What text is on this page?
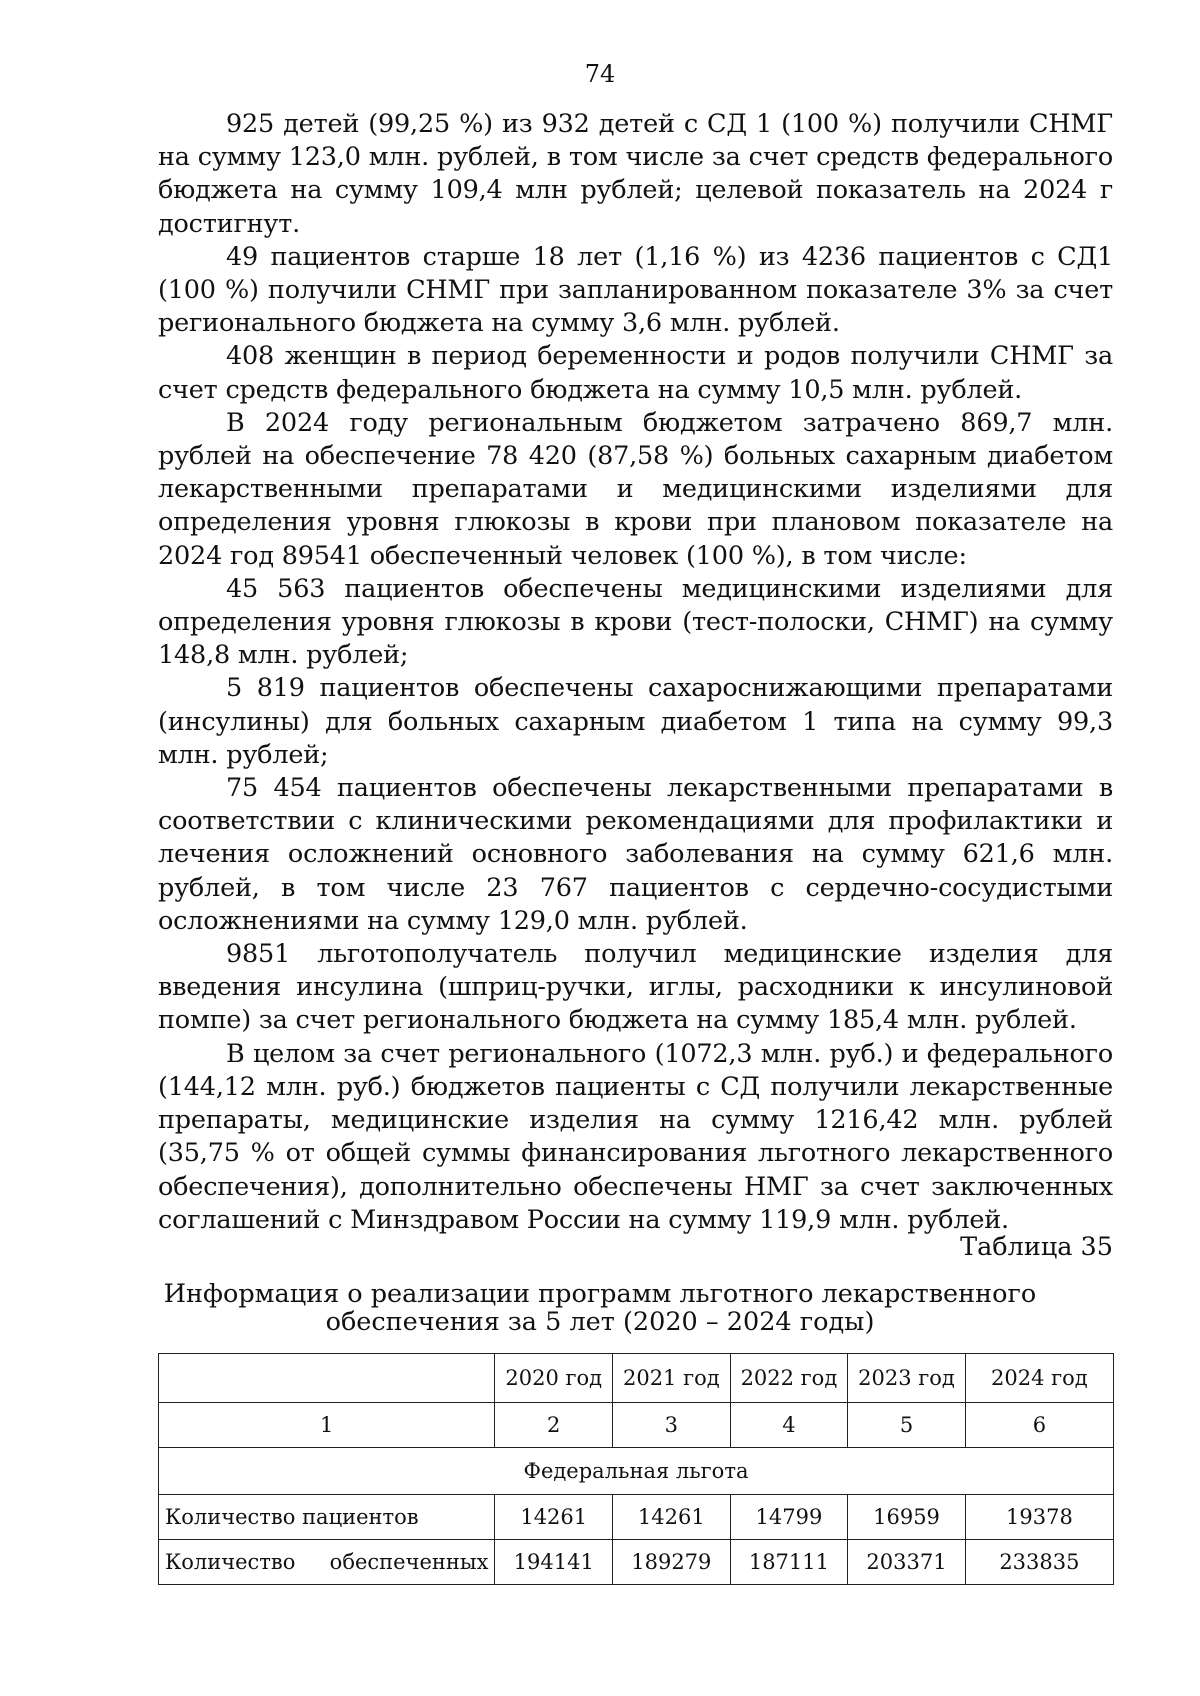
74

925 детей (99,25 %) из 932 детей с СД 1 (100 %) получили СНМГ на сумму 123,0 млн. рублей, в том числе за счет средств федерального бюджета на сумму 109,4 млн рублей; целевой показатель на 2024 г достигнут.

49 пациентов старше 18 лет (1,16 %) из 4236 пациентов с СД1 (100 %) получили СНМГ при запланированном показателе 3% за счет регионального бюджета на сумму 3,6 млн. рублей.

408 женщин в период беременности и родов получили СНМГ за счет средств федерального бюджета на сумму 10,5 млн. рублей.

В 2024 году региональным бюджетом затрачено 869,7 млн. рублей на обеспечение 78 420 (87,58 %) больных сахарным диабетом лекарственными препаратами и медицинскими изделиями для определения уровня глюкозы в крови при плановом показателе на 2024 год 89541 обеспеченный человек (100 %), в том числе:

45 563 пациентов обеспечены медицинскими изделиями для определения уровня глюкозы в крови (тест-полоски, СНМГ) на сумму 148,8 млн. рублей;

5 819 пациентов обеспечены сахароснижающими препаратами (инсулины) для больных сахарным диабетом 1 типа на сумму 99,3 млн. рублей;

75 454 пациентов обеспечены лекарственными препаратами в соответствии с клиническими рекомендациями для профилактики и лечения осложнений основного заболевания на сумму 621,6 млн. рублей, в том числе 23 767 пациентов с сердечно-сосудистыми осложнениями на сумму 129,0 млн. рублей.

9851 льготополучатель получил медицинские изделия для введения инсулина (шприц-ручки, иглы, расходники к инсулиновой помпе) за счет регионального бюджета на сумму 185,4 млн. рублей.

В целом за счет регионального (1072,3 млн. руб.) и федерального (144,12 млн. руб.) бюджетов пациенты с СД получили лекарственные препараты, медицинские изделия на сумму 1216,42 млн. рублей (35,75 % от общей суммы финансирования льготного лекарственного обеспечения), дополнительно обеспечены НМГ за счет заключенных соглашений с Минздравом России на сумму 119,9 млн. рублей.

Таблица 35
Информация о реализации программ льготного лекарственного
обеспечения за 5 лет (2020 – 2024 годы)
	2020 год	2021 год	2022 год	2023 год	2024 год
1	2	3	4	5	6
Федеральная льгота					
Количество пациентов	14261	14261	14799	16959	19378

Количество обеспеченных	194141	189279	187111	203371	233835
